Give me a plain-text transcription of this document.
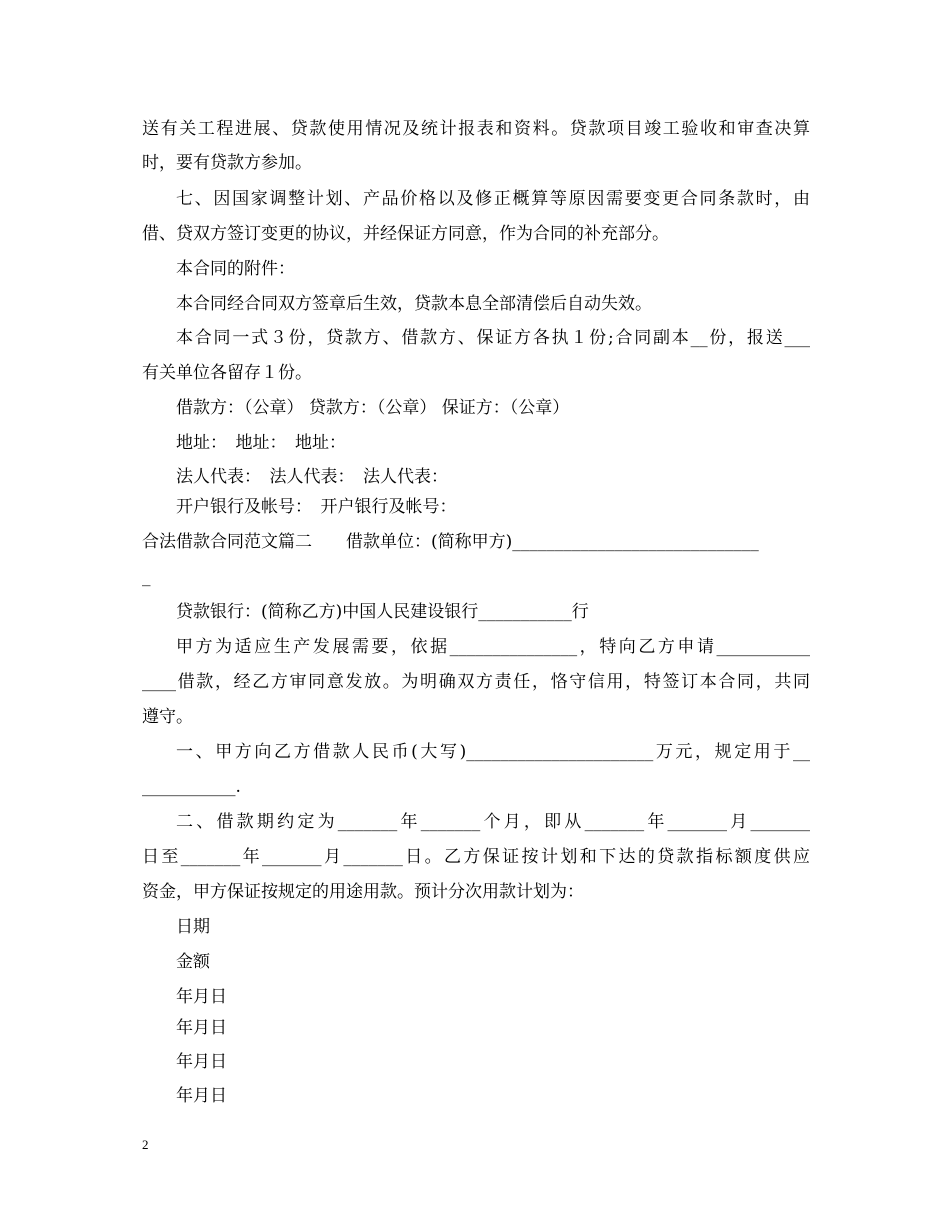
送有关工程进展、贷款使用情况及统计报表和资料。贷款项目竣工验收和审查决算
时，要有贷款方参加。
七、因国家调整计划、产品价格以及修正概算等原因需要变更合同条款时，由
借、贷双方签订变更的协议，并经保证方同意，作为合同的补充部分。
本合同的附件：
本合同经合同双方签章后生效，贷款本息全部清偿后自动失效。
本合同一式３份，贷款方、借款方、保证方各执１份;合同副本__份，报送___
有关单位各留存１份。
借款方：（公章） 贷款方：（公章） 保证方：（公章）
地址：　地址：　地址：
法人代表：　法人代表：　法人代表：
开户银行及帐号：　开户银行及帐号：
合法借款合同范文篇二　　借款单位：(简称甲方)_____________________________
_
贷款银行：(简称乙方)中国人民建设银行___________行
甲方为适应生产发展需要，依据_______________，特向乙方申请___________
____借款，经乙方审同意发放。为明确双方责任，恪守信用，特签订本合同，共同
遵守。
一、甲方向乙方借款人民币(大写)______________________万元，规定用于__
___________.
二、借款期约定为_______年_______个月，即从_______年_______月_______
日至_______年_______月_______日。乙方保证按计划和下达的贷款指标额度供应
资金，甲方保证按规定的用途用款。预计分次用款计划为：
日期
金额
年月日
年月日
年月日
年月日
2
